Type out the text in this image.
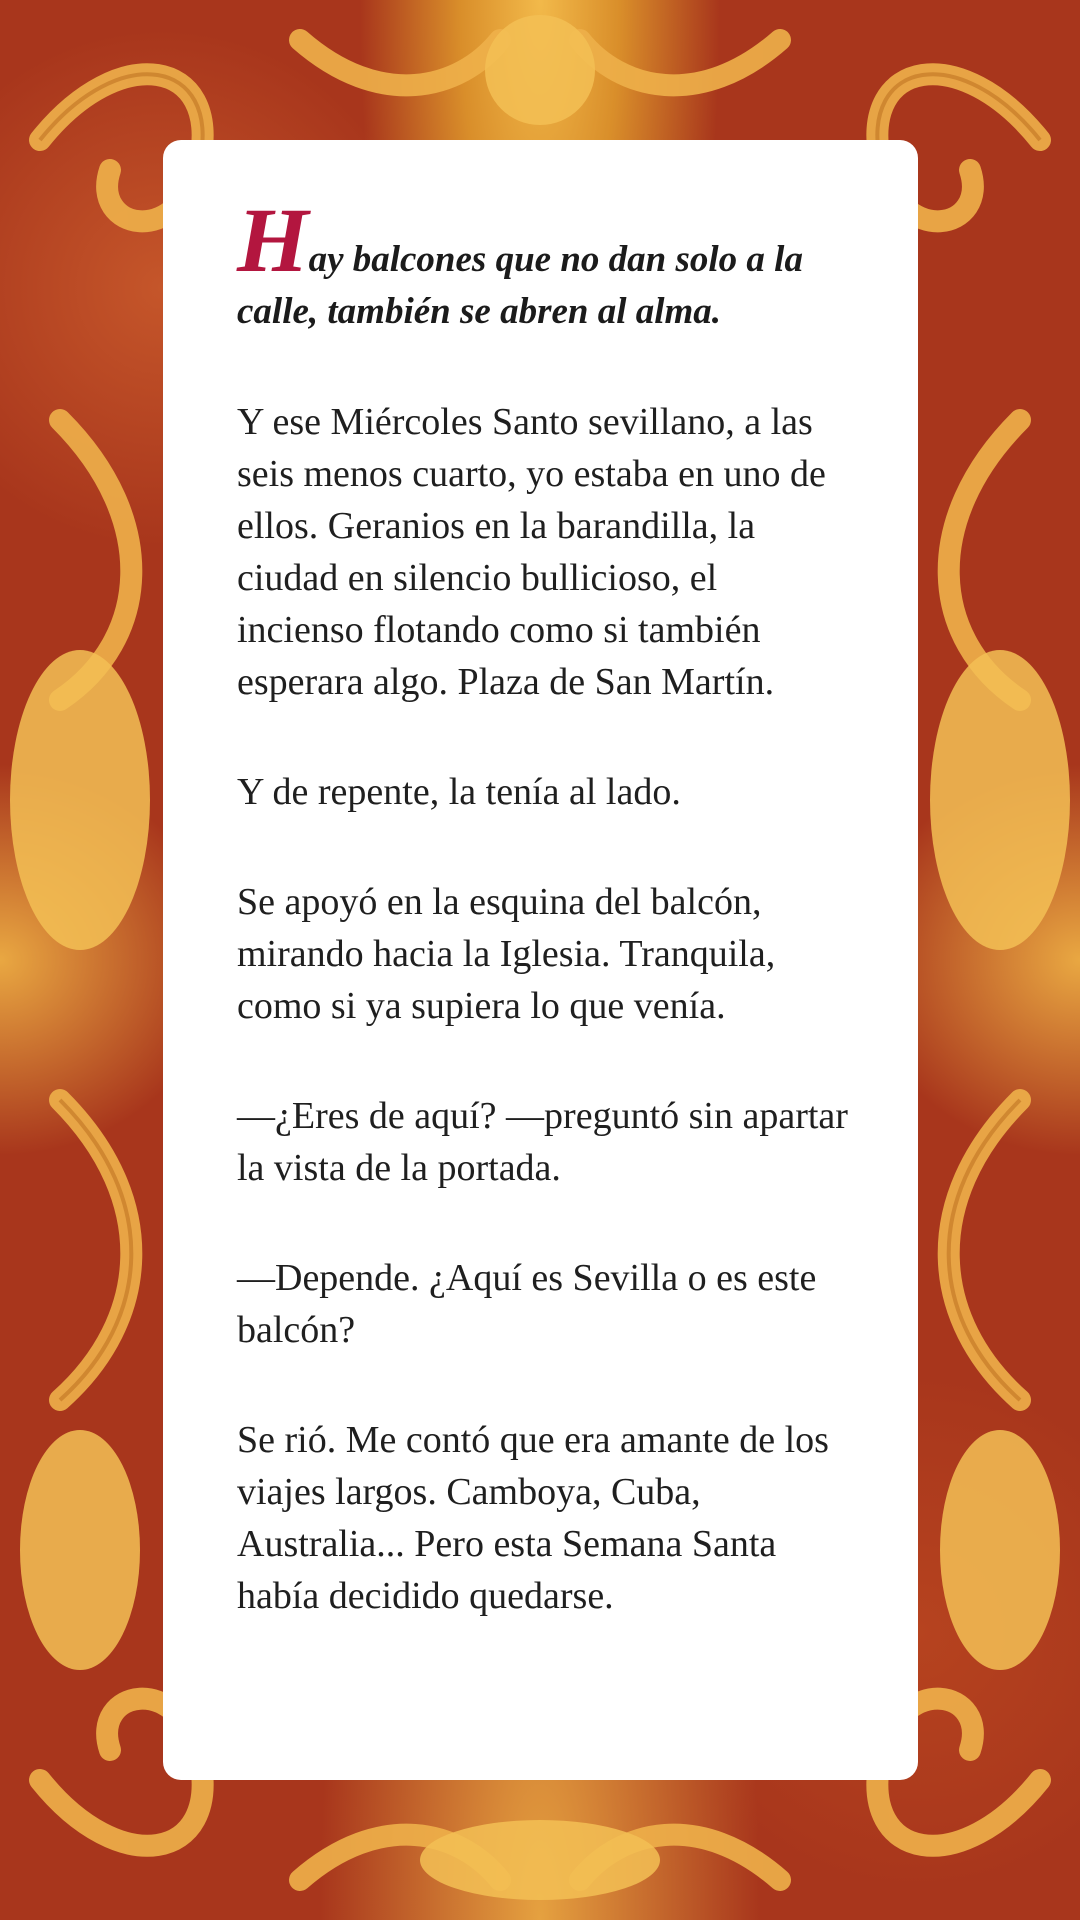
Hay balcones que no dan solo a la calle, también se abren al alma.

Y ese Miércoles Santo sevillano, a las seis menos cuarto, yo estaba en uno de ellos. Geranios en la barandilla, la ciudad en silencio bullicioso, el incienso flotando como si también esperara algo. Plaza de San Martín.

Y de repente, la tenía al lado.

Se apoyó en la esquina del balcón, mirando hacia la Iglesia. Tranquila, como si ya supiera lo que venía.

—¿Eres de aquí? —preguntó sin apartar la vista de la portada.

—Depende. ¿Aquí es Sevilla o es este balcón?

Se rió. Me contó que era amante de los viajes largos. Camboya, Cuba, Australia... Pero esta Semana Santa había decidido quedarse.
